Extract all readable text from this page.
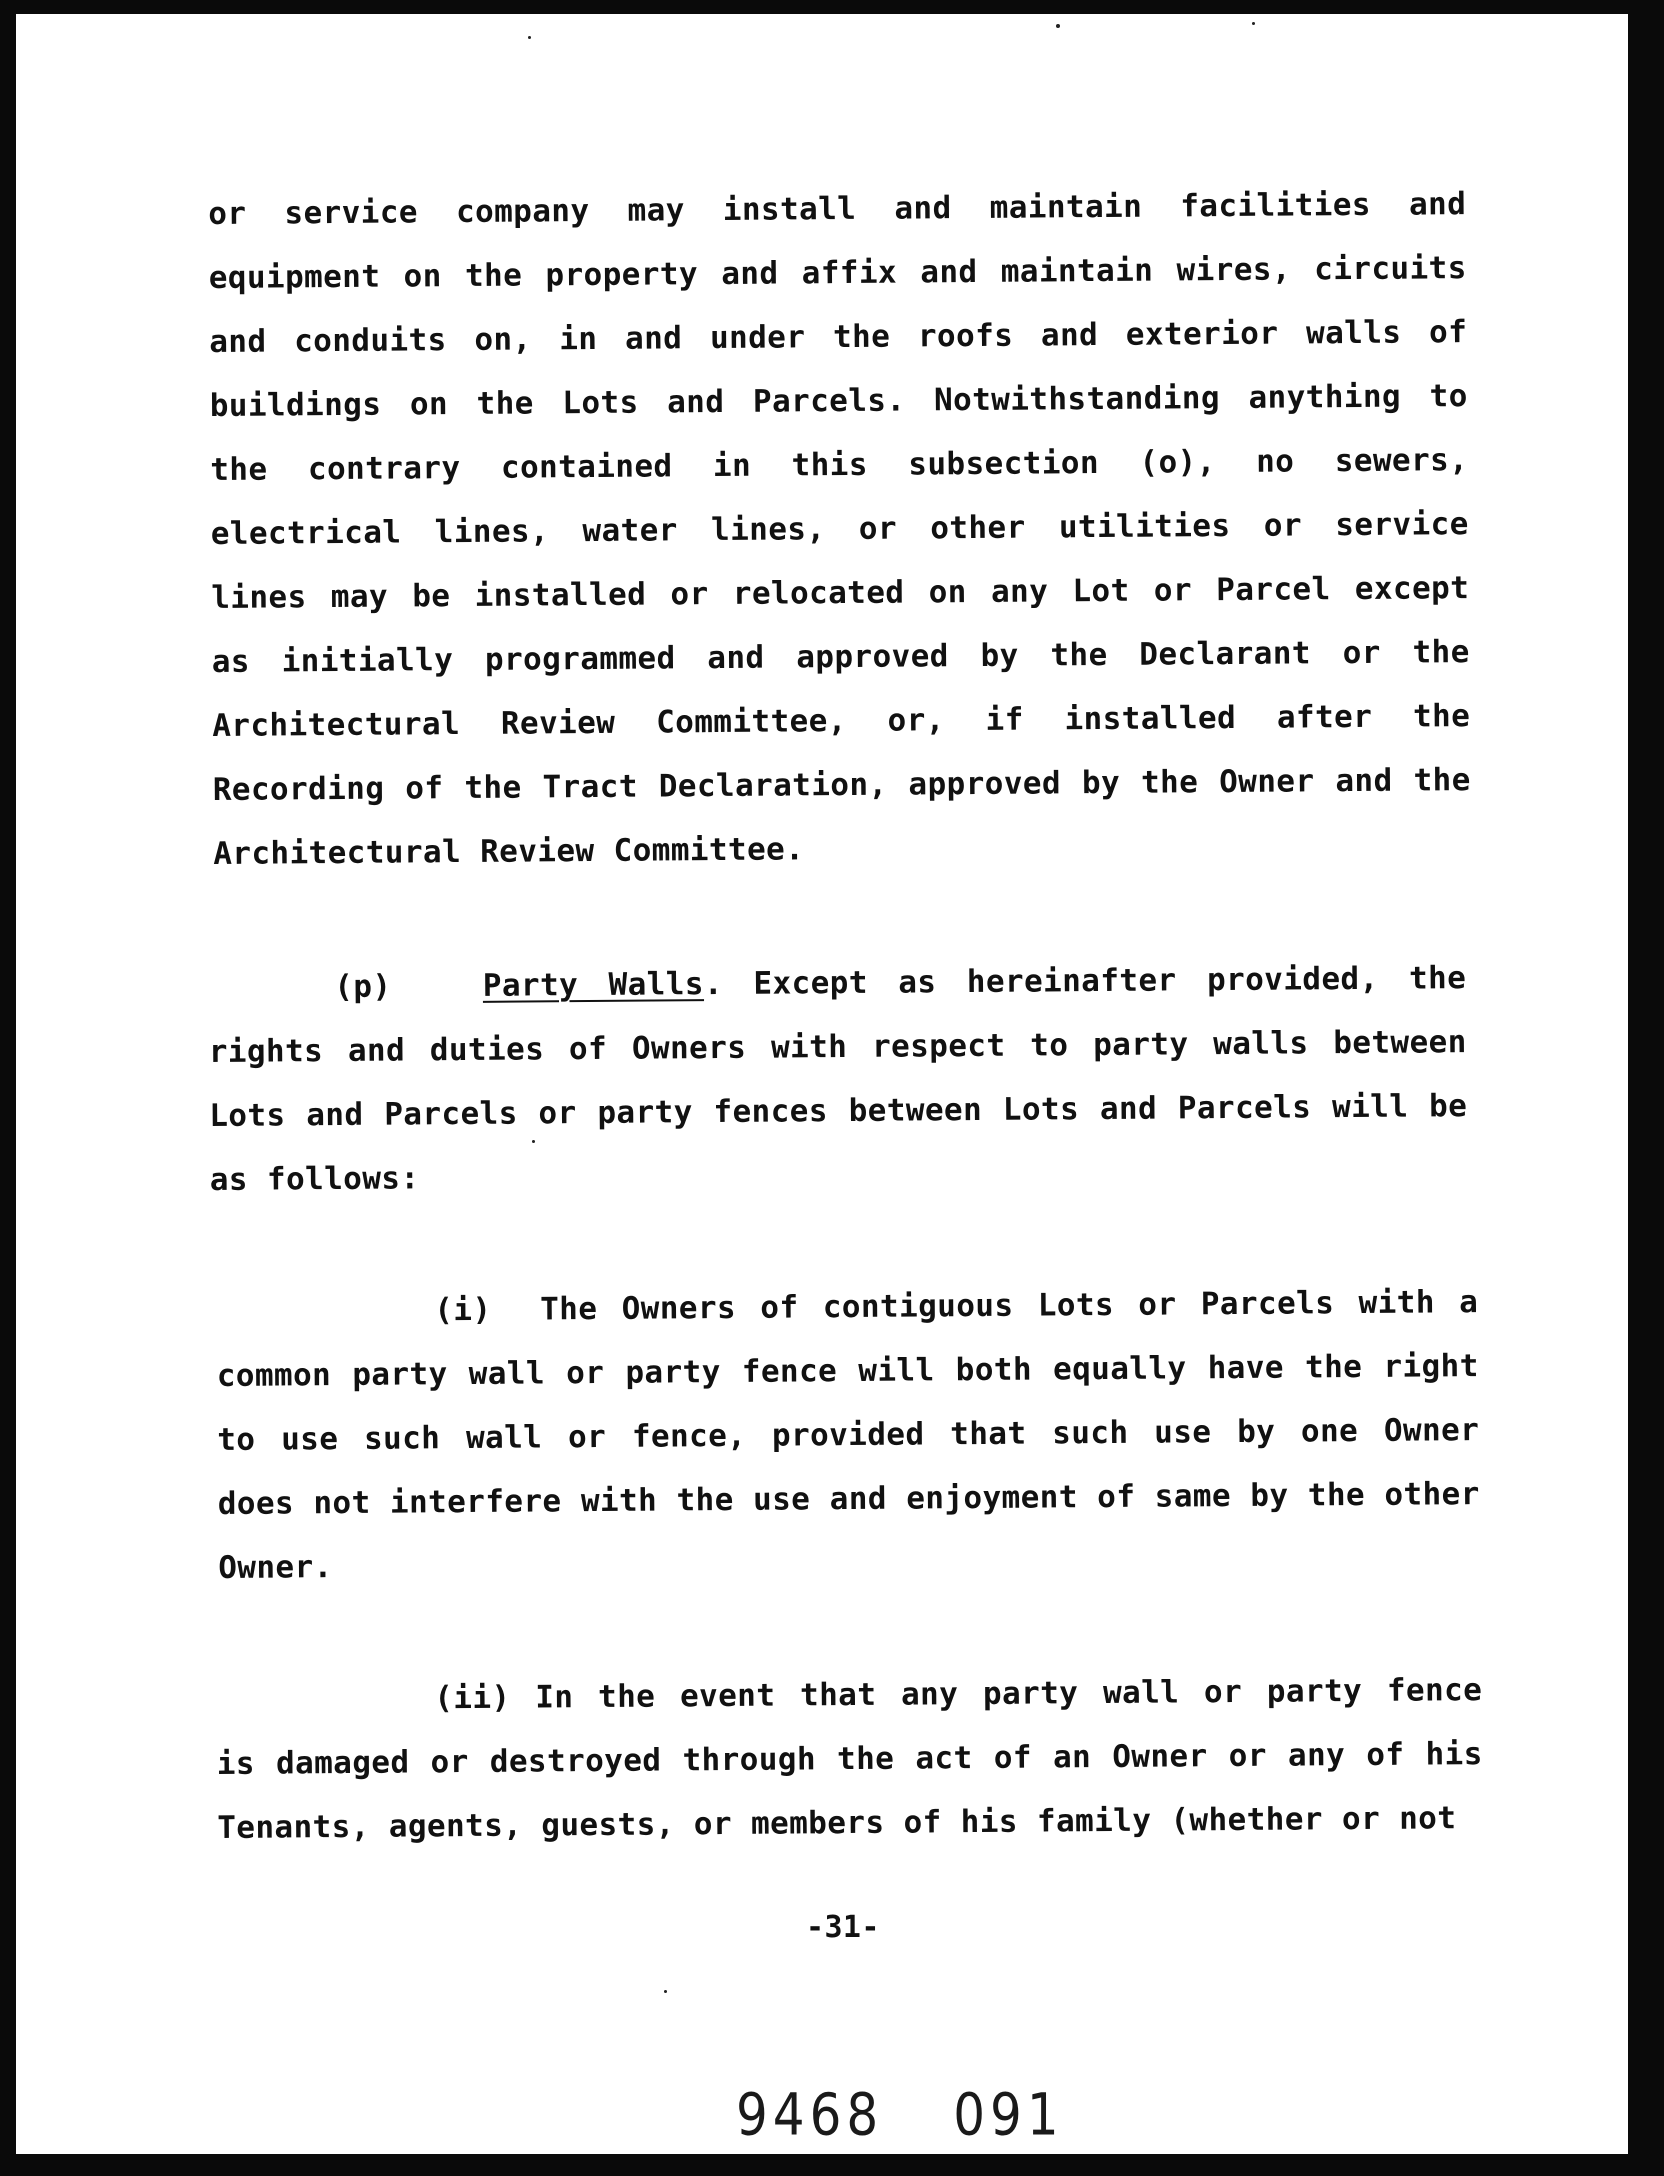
or service company may install and maintain facilities and equipment on the property and affix and maintain wires, circuits and conduits on, in and under the roofs and exterior walls of buildings on the Lots and Parcels. Notwithstanding anything to the contrary contained in this subsection (o), no sewers, electrical lines, water lines, or other utilities or service lines may be installed or relocated on any Lot or Parcel except as initially programmed and approved by the Declarant or the Architectural Review Committee, or, if installed after the Recording of the Tract Declaration, approved by the Owner and the Architectural Review Committee.

(p)	Party Walls. Except as hereinafter provided, the rights and duties of Owners with respect to party walls between Lots and Parcels or party fences between Lots and Parcels will be as follows:

(i) The Owners of contiguous Lots or Parcels with a common party wall or party fence will both equally have the right to use such wall or fence, provided that such use by one Owner does not interfere with the use and enjoyment of same by the other Owner.

(ii) In the event that any party wall or party fence is damaged or destroyed through the act of an Owner or any of his Tenants, agents, guests, or members of his family (whether or not

-31-
9468 091
